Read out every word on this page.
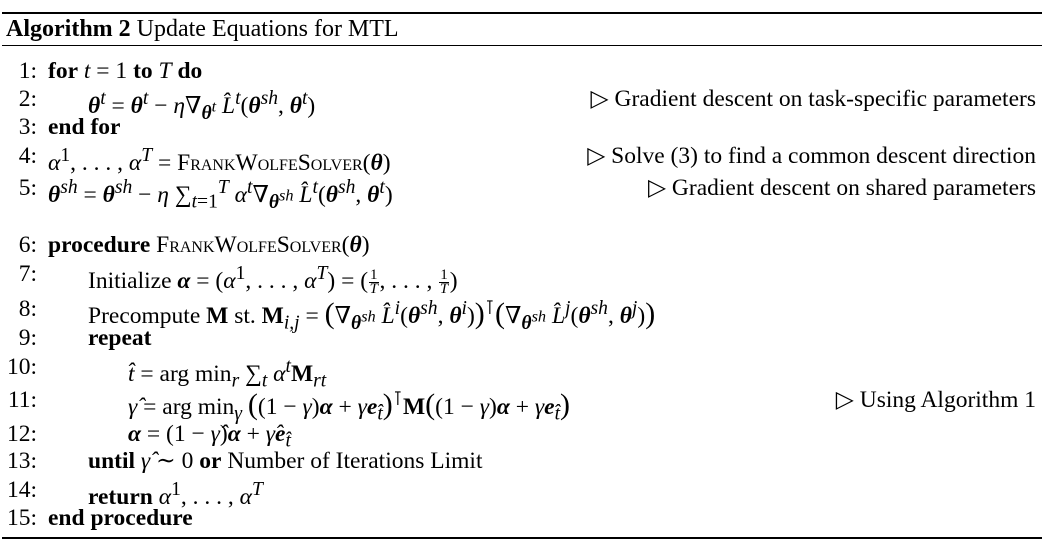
Algorithm 2 Update Equations for MTL
1: for t = 1 to T do
2: $\theta^t = \theta^t - \eta\nabla_{\theta^t}$ $L̂^t(\theta^{sh}$, $\theta^t$)	▷ Gradient descent on task-specific parameters
3: end for
4: $\alpha^1$, . . . , $\alpha^T$ = FrankWolfeSolver(θ)	▷ Solve (3) to find a common descent direction
5: $\theta^{sh} = \theta^{sh} - \eta$ $\sum_{t=1}^T$ $\alpha^t\nabla_{\theta^{sh}}$ $L̂^t(\theta^{sh}$, $\theta^t$)	▷ Gradient descent on shared parameters
6: procedure FrankWolfeSolver(θ)
7: Initialize $\alpha = (\alpha^1$, . . . , $\alpha^T$) = ( $\frac{1}{T}$ , . . . , $\frac{1}{T}$ )
8: Precompute M st. $M_{i,j} = (\nabla_{\theta^{sh}}$ $L̂^i(\theta^{sh}$, $\theta^i))^⊺(\nabla_{\theta^{sh}}$ $L̂^j(\theta^{sh}$, $\theta^j$))
9: repeat
10:	t̂ = arg $\min_r \sum_t$ $\alpha^tM_{rt}$
11:	γ̂ = arg $\min_\gamma ((1 - \gamma)\alpha + \gamma e_{t̂})^⊺M((1 - \gamma)\alpha + \gamma e_{t̂})$	▷ Using Algorithm 1
12:	α = (1 − γ̂)α + $\gammâe_{t̂}$
13: until γ̂ ∼ 0 or Number of Iterations Limit
14: return $\alpha^1$, . . . , $\alpha^T$
15: end procedure
